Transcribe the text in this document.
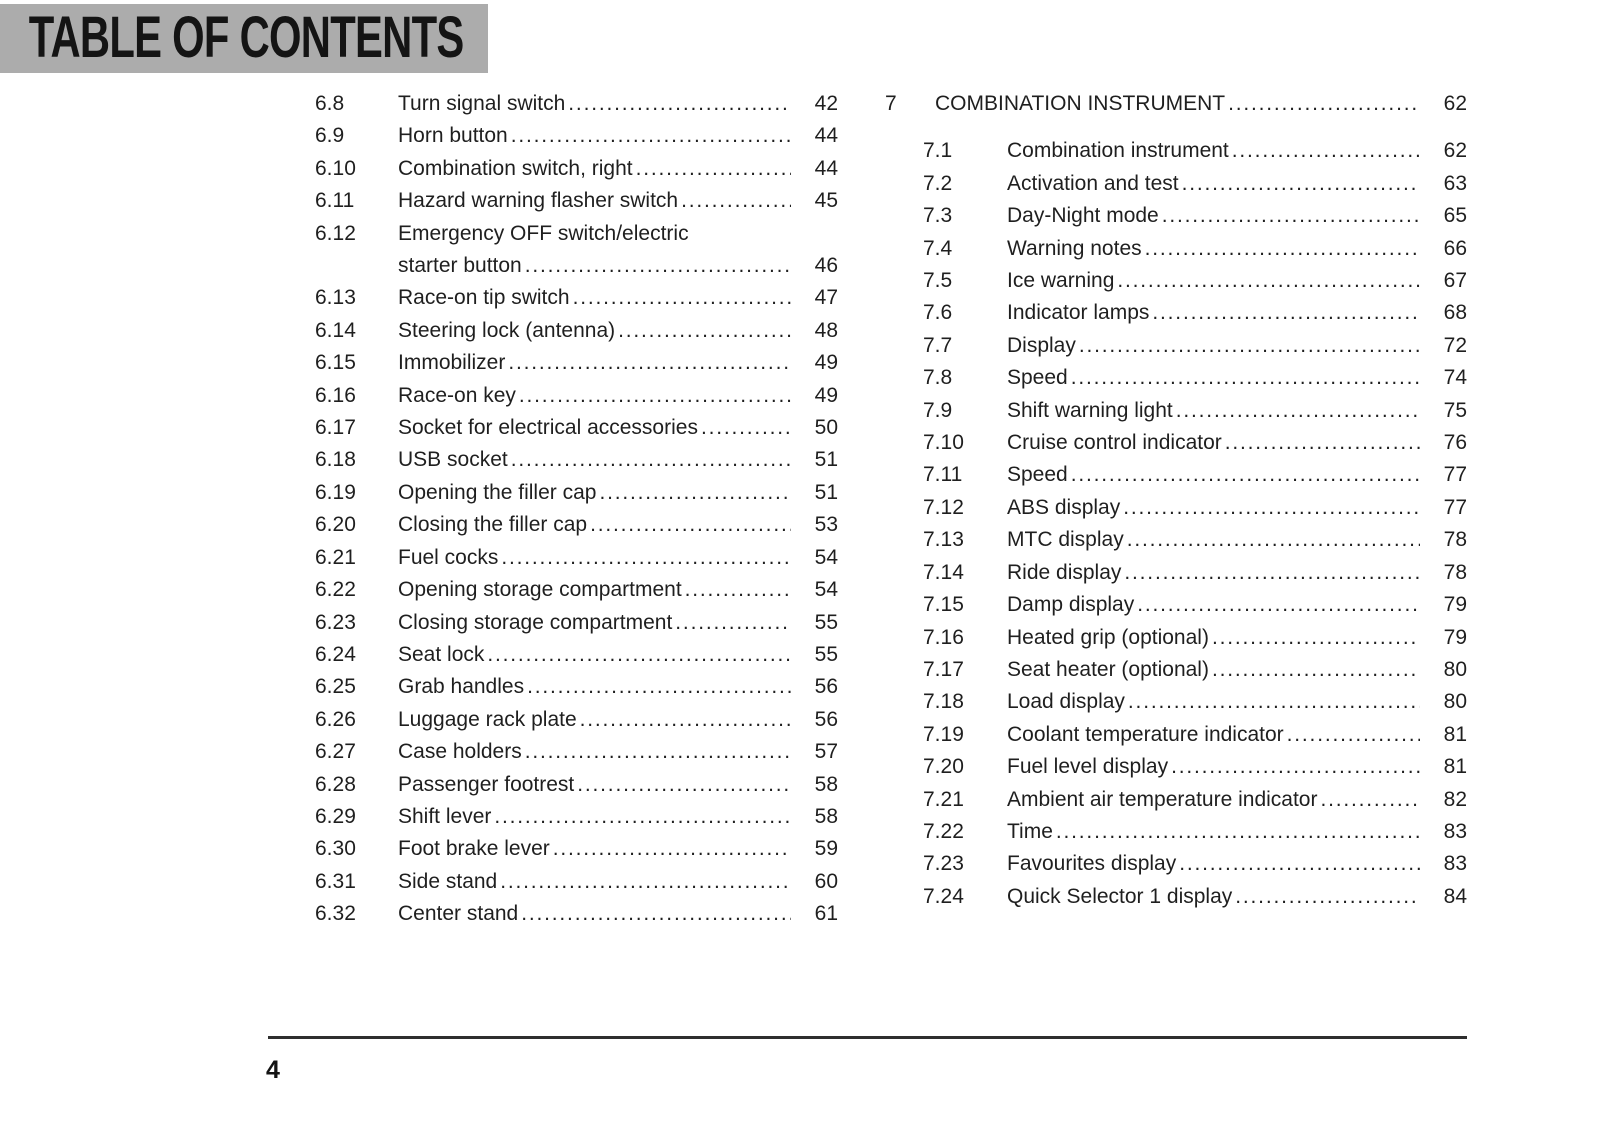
TABLE OF CONTENTS
6.8	Turn signal switch .....	42
6.9	Horn button .....	44
6.10	Combination switch, right .....	44
6.11	Hazard warning flasher switch .....	45
6.12	Emergency OFF switch/electric
starter button .....	46
6.13	Race-on tip switch .....	47
6.14	Steering lock (antenna) .....	48
6.15	Immobilizer .....	49
6.16	Race-on key .....	49
6.17	Socket for electrical accessories .....	50
6.18	USB socket .....	51
6.19	Opening the filler cap .....	51
6.20	Closing the filler cap .....	53
6.21	Fuel cocks .....	54
6.22	Opening storage compartment .....	54
6.23	Closing storage compartment .....	55
6.24	Seat lock .....	55
6.25	Grab handles .....	56
6.26	Luggage rack plate .....	56
6.27	Case holders .....	57
6.28	Passenger footrest .....	58
6.29	Shift lever .....	58
6.30	Foot brake lever .....	59
6.31	Side stand .....	60
6.32	Center stand .....	61
7	COMBINATION INSTRUMENT .....	62
7.1	Combination instrument .....	62
7.2	Activation and test .....	63
7.3	Day-Night mode .....	65
7.4	Warning notes .....	66
7.5	Ice warning .....	67
7.6	Indicator lamps .....	68
7.7	Display .....	72
7.8	Speed .....	74
7.9	Shift warning light .....	75
7.10	Cruise control indicator .....	76
7.11	Speed .....	77
7.12	ABS display .....	77
7.13	MTC display .....	78
7.14	Ride display .....	78
7.15	Damp display .....	79
7.16	Heated grip (optional) .....	79
7.17	Seat heater (optional) .....	80
7.18	Load display .....	80
7.19	Coolant temperature indicator .....	81
7.20	Fuel level display .....	81
7.21	Ambient air temperature indicator .....	82
7.22	Time .....	83
7.23	Favourites display .....	83
7.24	Quick Selector 1 display .....	84
4
